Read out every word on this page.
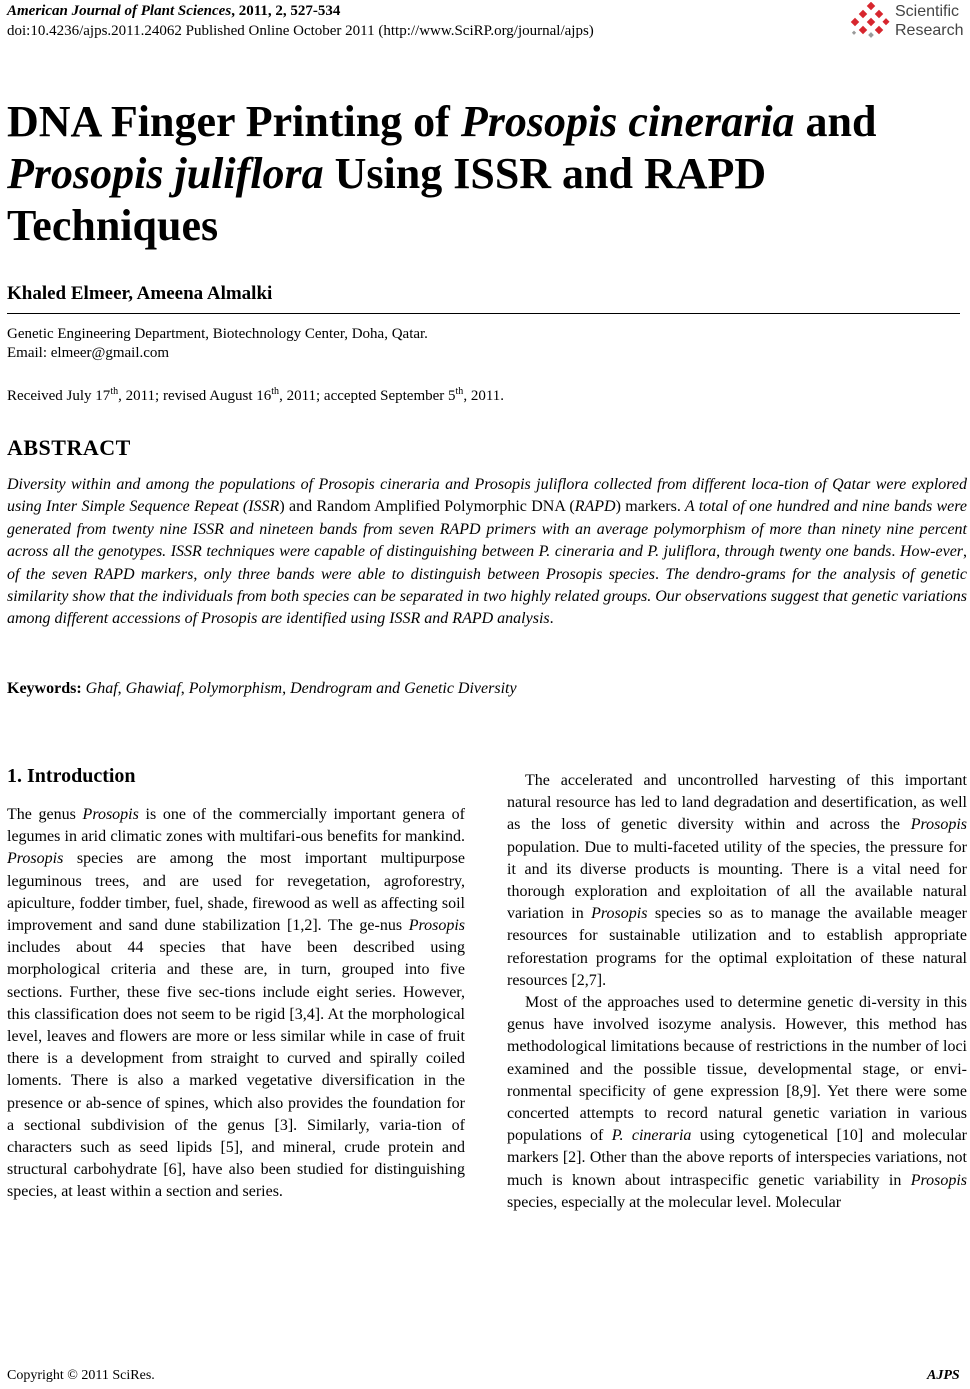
American Journal of Plant Sciences, 2011, 2, 527-534
doi:10.4236/ajps.2011.24062 Published Online October 2011 (http://www.SciRP.org/journal/ajps)
Scientific
Research
DNA Finger Printing of Prosopis cineraria and
Prosopis juliflora Using ISSR and RAPD Techniques
Khaled Elmeer, Ameena Almalki
Genetic Engineering Department, Biotechnology Center, Doha, Qatar.
Email: elmeer@gmail.com
Received July 17th, 2011; revised August 16th, 2011; accepted September 5th, 2011.
ABSTRACT

Diversity within and among the populations of Prosopis cineraria and Prosopis juliflora collected from different loca-tion of Qatar were explored using Inter Simple Sequence Repeat (ISSR) and Random Amplified Polymorphic DNA (RAPD) markers. A total of one hundred and nine bands were generated from twenty nine ISSR and nineteen bands from seven RAPD primers with an average polymorphism of more than ninety nine percent across all the genotypes. ISSR techniques were capable of distinguishing between P. cineraria and P. juliflora, through twenty one bands. How-ever, of the seven RAPD markers, only three bands were able to distinguish between Prosopis species. The dendro-grams for the analysis of genetic similarity show that the individuals from both species can be separated in two highly related groups. Our observations suggest that genetic variations among different accessions of Prosopis are identified using ISSR and RAPD analysis.

Keywords: Ghaf, Ghawiaf, Polymorphism, Dendrogram and Genetic Diversity
1. Introduction

The genus Prosopis is one of the commercially important genera of legumes in arid climatic zones with multifari-ous benefits for mankind. Prosopis species are among the most important multipurpose leguminous trees, and are used for revegetation, agroforestry, apiculture, fodder timber, fuel, shade, firewood as well as affecting soil improvement and sand dune stabilization [1,2]. The ge-nus Prosopis includes about 44 species that have been described using morphological criteria and these are, in turn, grouped into five sections. Further, these five sec-tions include eight series. However, this classification does not seem to be rigid [3,4]. At the morphological level, leaves and flowers are more or less similar while in case of fruit there is a development from straight to curved and spirally coiled loments. There is also a marked vegetative diversification in the presence or ab-sence of spines, which also provides the foundation for a sectional subdivision of the genus [3]. Similarly, varia-tion of characters such as seed lipids [5], and mineral, crude protein and structural carbohydrate [6], have also been studied for distinguishing species, at least within a section and series.

The accelerated and uncontrolled harvesting of this important natural resource has led to land degradation and desertification, as well as the loss of genetic diversity within and across the Prosopis population. Due to multi-faceted utility of the species, the pressure for it and its diverse products is mounting. There is a vital need for thorough exploration and exploitation of all the available natural variation in Prosopis species so as to manage the available meager resources for sustainable utilization and to establish appropriate reforestation programs for the optimal exploitation of these natural resources [2,7].

Most of the approaches used to determine genetic di-versity in this genus have involved isozyme analysis. However, this method has methodological limitations because of restrictions in the number of loci examined and the possible tissue, developmental stage, or envi-ronmental specificity of gene expression [8,9]. Yet there were some concerted attempts to record natural genetic variation in various populations of P. cineraria using cytogenetical [10] and molecular markers [2]. Other than the above reports of interspecies variations, not much is known about intraspecific genetic variability in Prosopis species, especially at the molecular level. Molecular

Copyright © 2011 SciRes.	AJPS
